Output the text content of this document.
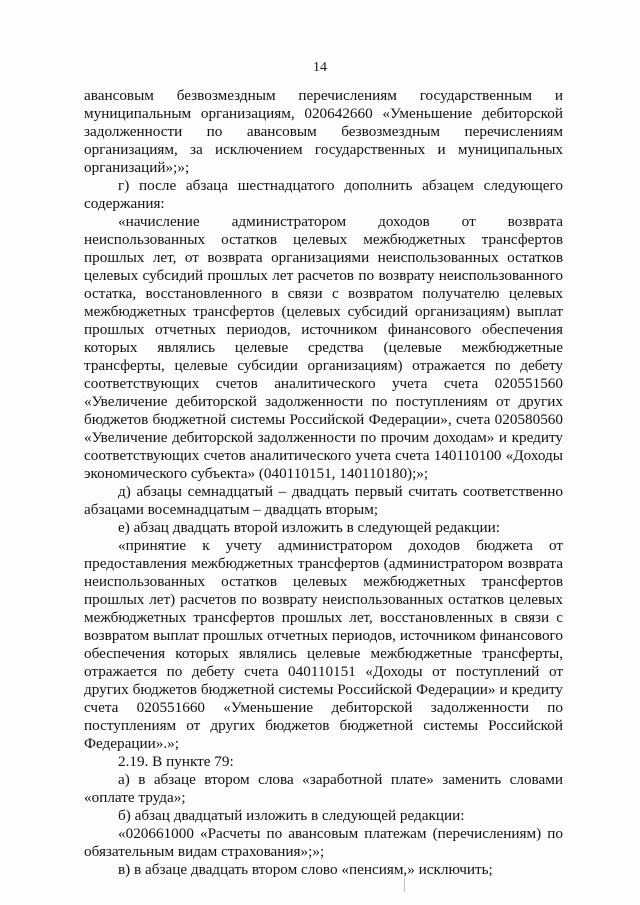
14

авансовым безвозмездным перечислениям государственным и муниципальным организациям, 020642660 «Уменьшение дебиторской задолженности по авансовым безвозмездным перечислениям организациям, за исключением государственных и муниципальных организаций»;»;

г) после абзаца шестнадцатого дополнить абзацем следующего содержания:

«начисление администратором доходов от возврата неиспользованных остатков целевых межбюджетных трансфертов прошлых лет, от возврата организациями неиспользованных остатков целевых субсидий прошлых лет расчетов по возврату неиспользованного остатка, восстановленного в связи с возвратом получателю целевых межбюджетных трансфертов (целевых субсидий организациям) выплат прошлых отчетных периодов, источником финансового обеспечения которых являлись целевые средства (целевые межбюджетные трансферты, целевые субсидии организациям) отражается по дебету соответствующих счетов аналитического учета счета 020551560 «Увеличение дебиторской задолженности по поступлениям от других бюджетов бюджетной системы Российской Федерации», счета 020580560 «Увеличение дебиторской задолженности по прочим доходам» и кредиту соответствующих счетов аналитического учета счета 140110100 «Доходы экономического субъекта» (040110151, 140110180);»;

д) абзацы семнадцатый – двадцать первый считать соответственно абзацами восемнадцатым – двадцать вторым;

е) абзац двадцать второй изложить в следующей редакции:

«принятие к учету администратором доходов бюджета от предоставления межбюджетных трансфертов (администратором возврата неиспользованных остатков целевых межбюджетных трансфертов прошлых лет) расчетов по возврату неиспользованных остатков целевых межбюджетных трансфертов прошлых лет, восстановленных в связи с возвратом выплат прошлых отчетных периодов, источником финансового обеспечения которых являлись целевые межбюджетные трансферты, отражается по дебету счета 040110151 «Доходы от поступлений от других бюджетов бюджетной системы Российской Федерации» и кредиту счета 020551660 «Уменьшение дебиторской задолженности по поступлениям от других бюджетов бюджетной системы Российской Федерации».»;

2.19. В пункте 79:

а) в абзаце втором слова «заработной плате» заменить словами «оплате труда»;

б) абзац двадцатый изложить в следующей редакции:

«020661000 «Расчеты по авансовым платежам (перечислениям) по обязательным видам страхования»;»;

в) в абзаце двадцать втором слово «пенсиям,» исключить;
